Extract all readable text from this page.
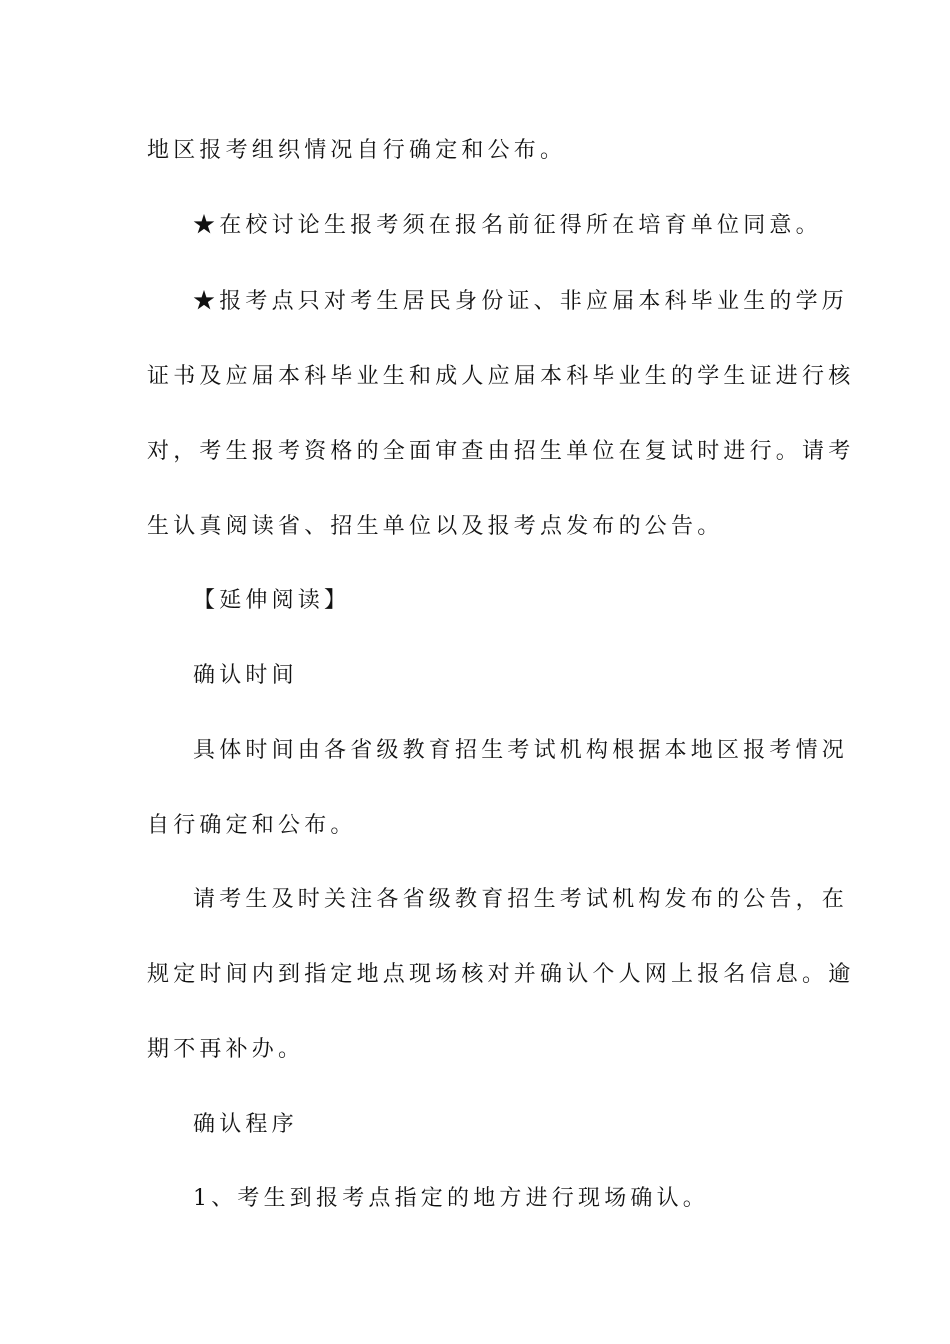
地区报考组织情况自行确定和公布。
★在校讨论生报考须在报名前征得所在培育单位同意。
★报考点只对考生居民身份证、非应届本科毕业生的学历
证书及应届本科毕业生和成人应届本科毕业生的学生证进行核
对，考生报考资格的全面审查由招生单位在复试时进行。请考
生认真阅读省、招生单位以及报考点发布的公告。
【延伸阅读】
确认时间
具体时间由各省级教育招生考试机构根据本地区报考情况
自行确定和公布。
请考生及时关注各省级教育招生考试机构发布的公告，在
规定时间内到指定地点现场核对并确认个人网上报名信息。逾
期不再补办。
确认程序
1、考生到报考点指定的地方进行现场确认。
